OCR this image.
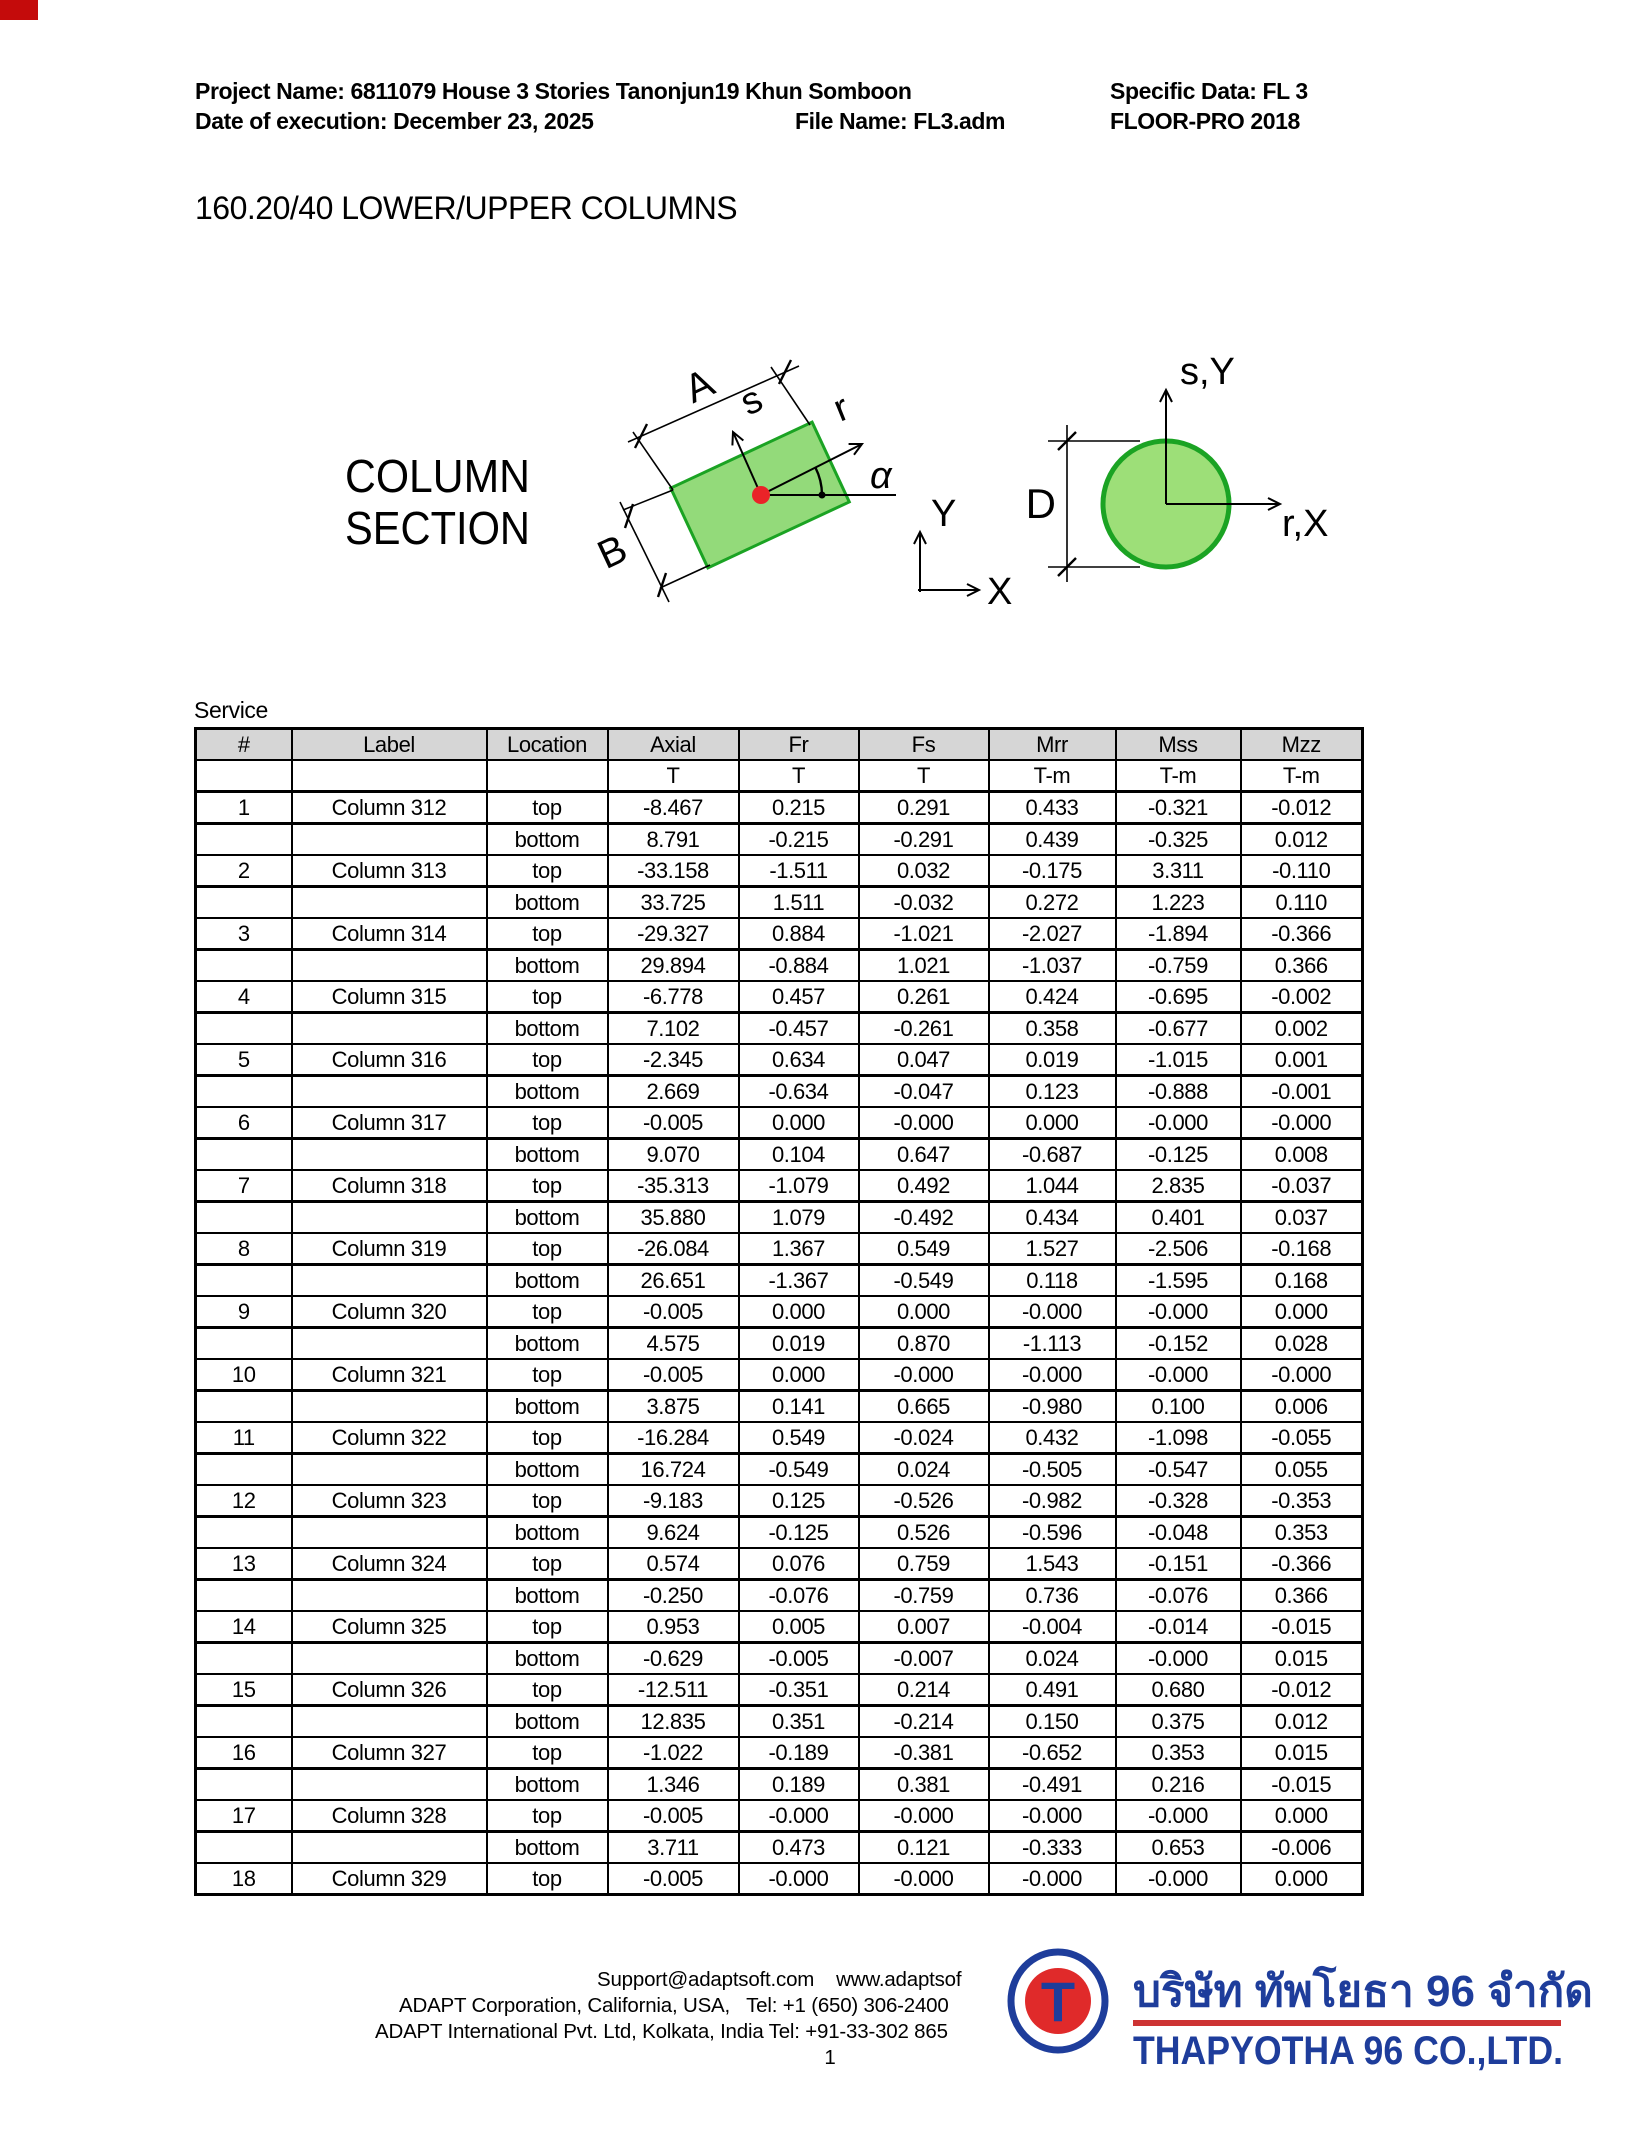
Project Name: 6811079 House 3 Stories Tanonjun19 Khun Somboon	Specific Data: FL 3
Date of execution: December 23, 2025	File Name: FL3.adm	FLOOR-PRO 2018
160.20/40 LOWER/UPPER COLUMNS
COLUMN
SECTION
A
B
s r
α
Y
X
s,Y
r,X
D
Service
#	Label	Location	Axial	Fr	Fs	Mrr	Mss	Mzz
			T	T	T	T-m	T-m	T-m
1	Column 312	top	-8.467	0.215	0.291	0.433	-0.321	-0.012
		bottom	8.791	-0.215	-0.291	0.439	-0.325	0.012
2	Column 313	top	-33.158	-1.511	0.032	-0.175	3.311	-0.110
		bottom	33.725	1.511	-0.032	0.272	1.223	0.110
3	Column 314	top	-29.327	0.884	-1.021	-2.027	-1.894	-0.366
		bottom	29.894	-0.884	1.021	-1.037	-0.759	0.366
4	Column 315	top	-6.778	0.457	0.261	0.424	-0.695	-0.002
		bottom	7.102	-0.457	-0.261	0.358	-0.677	0.002
5	Column 316	top	-2.345	0.634	0.047	0.019	-1.015	0.001
		bottom	2.669	-0.634	-0.047	0.123	-0.888	-0.001
6	Column 317	top	-0.005	0.000	-0.000	0.000	-0.000	-0.000
		bottom	9.070	0.104	0.647	-0.687	-0.125	0.008
7	Column 318	top	-35.313	-1.079	0.492	1.044	2.835	-0.037
		bottom	35.880	1.079	-0.492	0.434	0.401	0.037
8	Column 319	top	-26.084	1.367	0.549	1.527	-2.506	-0.168
		bottom	26.651	-1.367	-0.549	0.118	-1.595	0.168
9	Column 320	top	-0.005	0.000	0.000	-0.000	-0.000	0.000
		bottom	4.575	0.019	0.870	-1.113	-0.152	0.028
10	Column 321	top	-0.005	0.000	-0.000	-0.000	-0.000	-0.000
		bottom	3.875	0.141	0.665	-0.980	0.100	0.006
11	Column 322	top	-16.284	0.549	-0.024	0.432	-1.098	-0.055
		bottom	16.724	-0.549	0.024	-0.505	-0.547	0.055
12	Column 323	top	-9.183	0.125	-0.526	-0.982	-0.328	-0.353
		bottom	9.624	-0.125	0.526	-0.596	-0.048	0.353
13	Column 324	top	0.574	0.076	0.759	1.543	-0.151	-0.366
		bottom	-0.250	-0.076	-0.759	0.736	-0.076	0.366
14	Column 325	top	0.953	0.005	0.007	-0.004	-0.014	-0.015
		bottom	-0.629	-0.005	-0.007	0.024	-0.000	0.015
15	Column 326	top	-12.511	-0.351	0.214	0.491	0.680	-0.012
		bottom	12.835	0.351	-0.214	0.150	0.375	0.012
16	Column 327	top	-1.022	-0.189	-0.381	-0.652	0.353	0.015
		bottom	1.346	0.189	0.381	-0.491	0.216	-0.015
17	Column 328	top	-0.005	-0.000	-0.000	-0.000	-0.000	0.000
		bottom	3.711	0.473	0.121	-0.333	0.653	-0.006
18	Column 329	top	-0.005	-0.000	-0.000	-0.000	-0.000	0.000
Support@adaptsoft.com    www.adaptsof
ADAPT Corporation, California, USA,   Tel: +1 (650) 306-2400
ADAPT International Pvt. Ltd, Kolkata, India Tel: +91-33-302 865
1
T บริษัท ทัพโยธา 96 จำกัด
THAPYOTHA 96 CO.,LTD.
